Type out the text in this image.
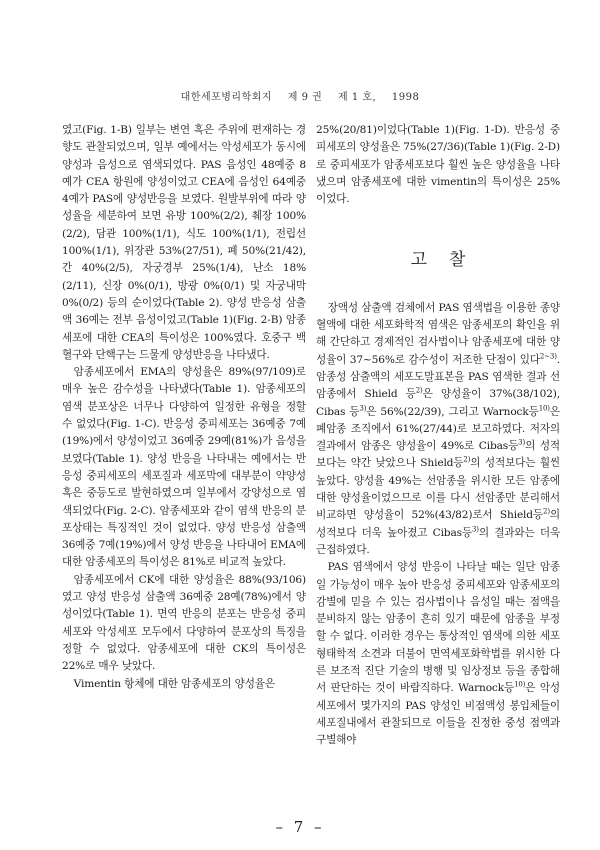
대한세포병리학회지 제 9 권 제 1 호, 1998

였고(Fig. 1-B) 일부는 변연 혹은 주위에 편재하는 경향도 관찰되었으며, 일부 예에서는 악성세포가 동시에 양성과 음성으로 염색되었다. PAS 음성인 48예중 8예가 CEA 항원에 양성이었고 CEA에 음성인 64예중 4예가 PAS에 양성반응을 보였다. 원발부위에 따라 양성율을 세분하여 보면 유방 100%(2/2), 췌장 100%(2/2), 담관 100%(1/1), 식도 100%(1/1), 전립선 100%(1/1), 위장관 53%(27/51), 폐 50%(21/42), 간 40%(2/5), 자궁경부 25%(1/4), 난소 18%(2/11), 신장 0%(0/1), 방광 0%(0/1) 및 자궁내막 0%(0/2) 등의 순이었다(Table 2). 양성 반응성 삼출액 36예는 전부 음성이었고(Table 1)(Fig. 2-B) 암종세포에 대한 CEA의 특이성은 100%였다. 호중구 백혈구와 단핵구는 드물게 양성반응을 나타냈다.

암종세포에서 EMA의 양성율은 89%(97/109)로 매우 높은 감수성을 나타냈다(Table 1). 암종세포의 염색 분포상은 너무나 다양하여 일정한 유형을 정할 수 없었다(Fig. 1-C). 반응성 중피세포는 36예중 7예(19%)에서 양성이었고 36예중 29예(81%)가 음성을 보였다(Table 1). 양성 반응을 나타내는 예에서는 반응성 중피세포의 세포질과 세포막에 대부분이 약양성 혹은 중등도로 발현하였으며 일부에서 강양성으로 염색되었다(Fig. 2-C). 암종세포와 같이 염색 반응의 분포상태는 특징적인 것이 없었다. 양성 반응성 삼출액 36예중 7예(19%)에서 양성 반응을 나타내어 EMA에 대한 암종세포의 특이성은 81%로 비교적 높았다.

암종세포에서 CK에 대한 양성율은 88%(93/106)였고 양성 반응성 삼출액 36예중 28예(78%)에서 양성이었다(Table 1). 면역 반응의 분포는 반응성 중피세포와 악성세포 모두에서 다양하여 분포상의 특징을 정할 수 없었다. 암종세포에 대한 CK의 특이성은 22%로 매우 낮았다.

Vimentin 항체에 대한 암종세포의 양성율은

25%(20/81)이었다(Table 1)(Fig. 1-D). 반응성 중피세포의 양성율은 75%(27/36)(Table 1)(Fig. 2-D)로 중피세포가 암종세포보다 훨씬 높은 양성율을 나타냈으며 암종세포에 대한 vimentin의 특이성은 25%이었다.

고찰

장액성 삼출액 검체에서 PAS 염색법을 이용한 종양혈액에 대한 세포화학적 염색은 암종세포의 확인을 위해 간단하고 경제적인 검사법이나 암종세포에 대한 양성율이 37~56%로 감수성이 저조한 단점이 있다$^{2\sim 3)}$. 암종성 삼출액의 세포도말표본을 PAS 염색한 결과 선암종에서 Shield 등$^{2)}$은 양성율이 37%(38/102), Cibas 등$^{3)}$은 56%(22/39), 그리고 Warnock등$^{10)}$은 폐암종 조직에서 61%(27/44)로 보고하였다. 저자의 결과에서 암종은 양성율이 49%로 Cibas등$^{3)}$의 성적보다는 약간 낮았으나 Shield등$^{2)}$의 성적보다는 훨씬 높았다. 양성율 49%는 선암종을 위시한 모든 암종에 대한 양성율이었으므로 이를 다시 선암종만 분리해서 비교하면 양성율이 52%(43/82)로서 Shield등$^{2)}$의 성적보다 더욱 높아졌고 Cibas등$^{3)}$의 결과와는 더욱 근접하였다.

PAS 염색에서 양성 반응이 나타날 때는 일단 암종일 가능성이 매우 높아 반응성 중피세포와 암종세포의 감별에 믿을 수 있는 검사법이나 음성일 때는 점액을 분비하지 않는 암종이 흔히 있기 때문에 암종을 부정할 수 없다. 이러한 경우는 통상적인 염색에 의한 세포형태학적 소견과 더불어 면역세포화학법를 위시한 다른 보조적 진단 기술의 병행 및 임상정보 등을 종합해서 판단하는 것이 바람직하다. Warnock등$^{10)}$은 악성세포에서 몇가지의 PAS 양성인 비점액성 봉입체들이 세포질내에서 관찰되므로 이들을 진정한 중성 점액과 구별해야

– 7 –
